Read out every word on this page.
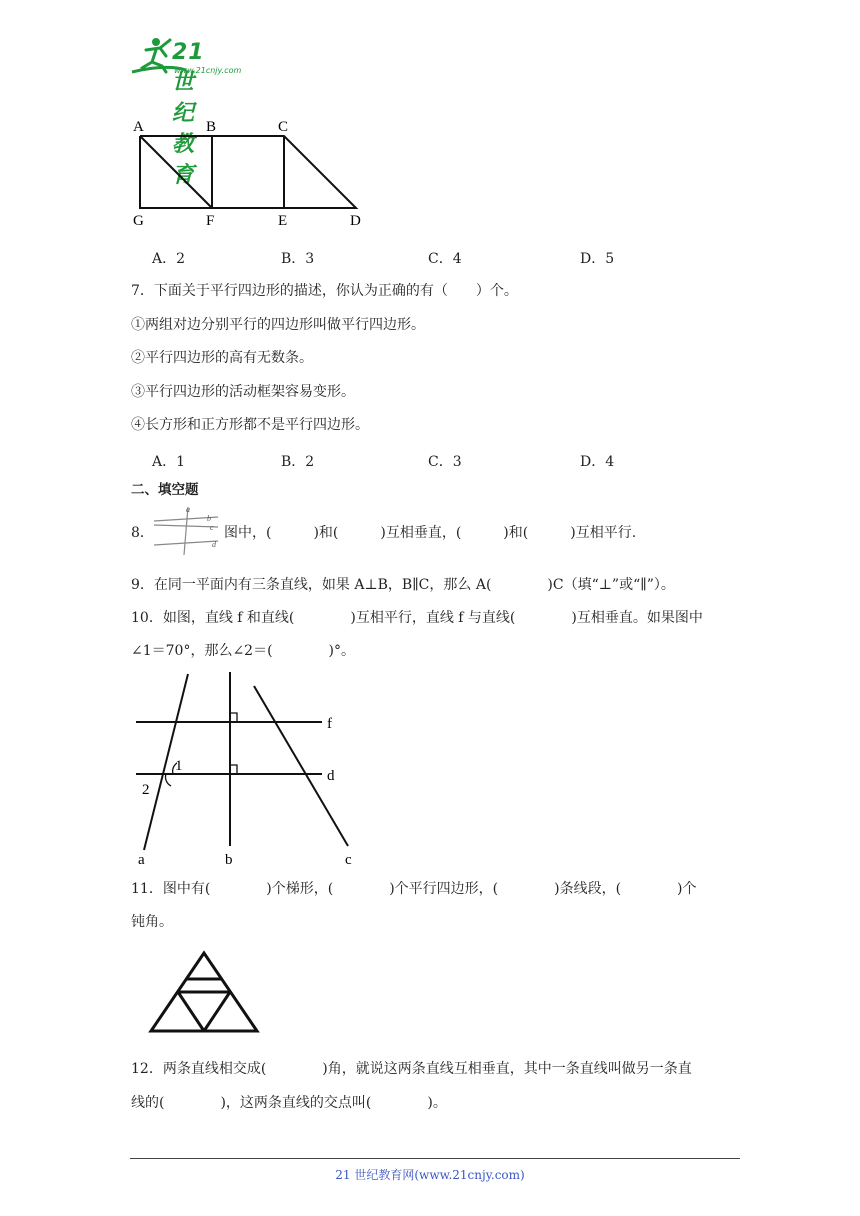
21世纪教育
www.21cnjy.com
A	B	C
G	F	E	D
A．2	B．3	C．4	D．5
7．下面关于平行四边形的描述，你认为正确的有（　　）个。
①两组对边分别平行的四边形叫做平行四边形。
②平行四边形的高有无数条。
③平行四边形的活动框架容易变形。
④长方形和正方形都不是平行四边形。
A．1	B．2	C．3	D．4
二、填空题
8．
a
b
c
d
图中，(　　　)和(　　　)互相垂直，(　　　)和(　　　)互相平行.
9．在同一平面内有三条直线，如果 A⊥B，B∥C，那么 A(　　　　)C（填“⊥”或“∥”）。
10．如图，直线 f 和直线(　　　　)互相平行，直线 f 与直线(　　　　)互相垂直。如果图中
∠1＝70°，那么∠2＝(　　　　)°。
f
d
1
2
a	b	c
11．图中有(　　　　)个梯形，(　　　　)个平行四边形，(　　　　)条线段，(　　　　)个
钝角。
12．两条直线相交成(　　　　)角，就说这两条直线互相垂直，其中一条直线叫做另一条直
线的(　　　　)，这两条直线的交点叫(　　　　)。
21 世纪教育网(www.21cnjy.com)
